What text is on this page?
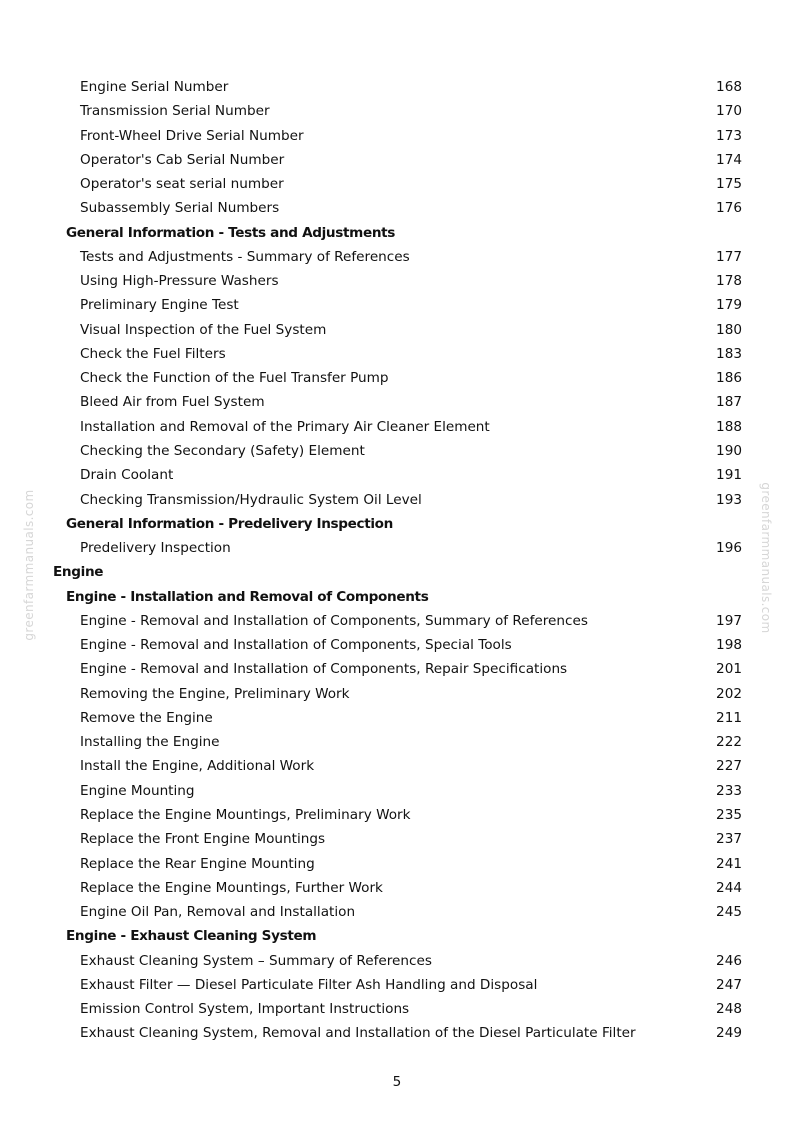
greenfarmmanuals.com	greenfarmmanuals.com
Engine Serial Number	168
Transmission Serial Number	170
Front-Wheel Drive Serial Number	173
Operator's Cab Serial Number	174
Operator's seat serial number	175
Subassembly Serial Numbers	176
General Information - Tests and Adjustments
Tests and Adjustments - Summary of References	177
Using High-Pressure Washers	178
Preliminary Engine Test	179
Visual Inspection of the Fuel System	180
Check the Fuel Filters	183
Check the Function of the Fuel Transfer Pump	186
Bleed Air from Fuel System	187
Installation and Removal of the Primary Air Cleaner Element	188
Checking the Secondary (Safety) Element	190
Drain Coolant	191
Checking Transmission/Hydraulic System Oil Level	193
General Information - Predelivery Inspection
Predelivery Inspection	196
Engine
Engine - Installation and Removal of Components
Engine - Removal and Installation of Components, Summary of References	197
Engine - Removal and Installation of Components, Special Tools	198
Engine - Removal and Installation of Components, Repair Specifications	201
Removing the Engine, Preliminary Work	202
Remove the Engine	211
Installing the Engine	222
Install the Engine, Additional Work	227
Engine Mounting	233
Replace the Engine Mountings, Preliminary Work	235
Replace the Front Engine Mountings	237
Replace the Rear Engine Mounting	241
Replace the Engine Mountings, Further Work	244
Engine Oil Pan, Removal and Installation	245
Engine - Exhaust Cleaning System
Exhaust Cleaning System – Summary of References	246
Exhaust Filter — Diesel Particulate Filter Ash Handling and Disposal	247
Emission Control System, Important Instructions	248
Exhaust Cleaning System, Removal and Installation of the Diesel Particulate Filter	249
5
